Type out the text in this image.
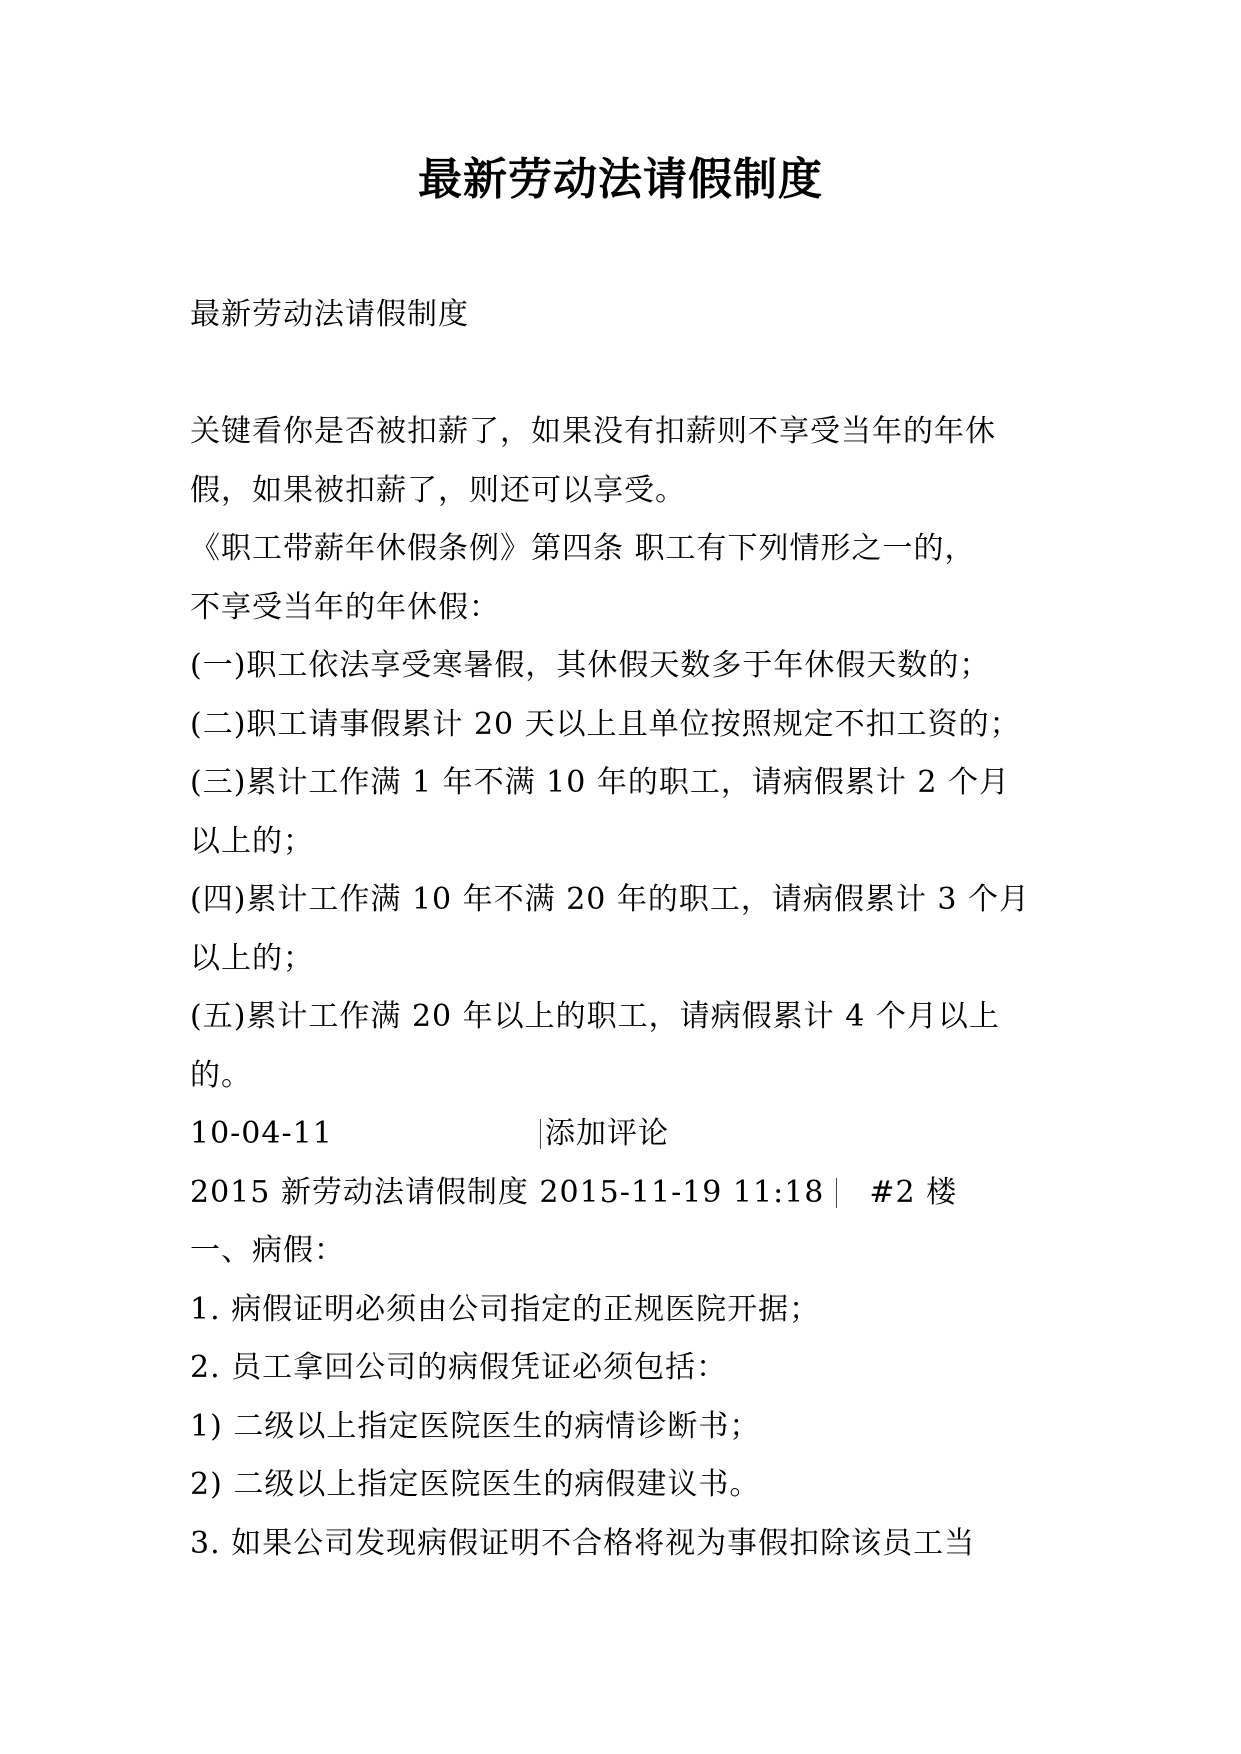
最新劳动法请假制度
最新劳动法请假制度
关键看你是否被扣薪了，如果没有扣薪则不享受当年的年休
假，如果被扣薪了，则还可以享受。
《职工带薪年休假条例》第四条 职工有下列情形之一的，
不享受当年的年休假：
(一)职工依法享受寒暑假，其休假天数多于年休假天数的；
(二)职工请事假累计 20 天以上且单位按照规定不扣工资的；
(三)累计工作满 1 年不满 10 年的职工，请病假累计 2 个月
以上的；
(四)累计工作满 10 年不满 20 年的职工，请病假累计 3 个月
以上的；
(五)累计工作满 20 年以上的职工，请病假累计 4 个月以上
的。
10-04-11	添加评论
2015 新劳动法请假制度 2015-11-19 11:18 #2 楼
一、病假：
1. 病假证明必须由公司指定的正规医院开据；
2. 员工拿回公司的病假凭证必须包括：
1) 二级以上指定医院医生的病情诊断书；
2) 二级以上指定医院医生的病假建议书。
3. 如果公司发现病假证明不合格将视为事假扣除该员工当
